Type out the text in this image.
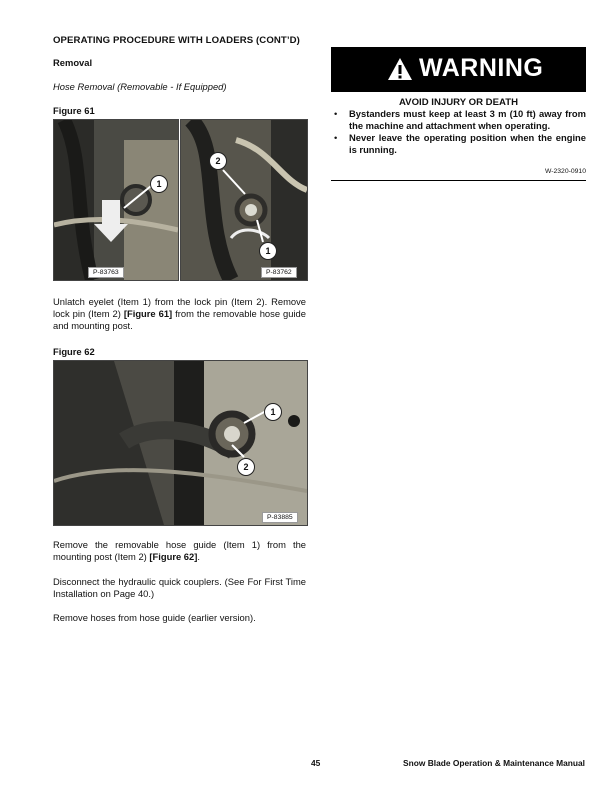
OPERATING PROCEDURE WITH LOADERS (CONT’D)
Removal
Hose Removal (Removable - If Equipped)
Figure 61
1
P-83763
2
1
P-83762
Unlatch eyelet (Item 1) from the lock pin (Item 2). Remove lock pin (Item 2) [Figure 61] from the removable hose guide and mounting post.
Figure 62
1
2
P-83885
Remove the removable hose guide (Item 1) from the mounting post (Item 2) [Figure 62].
Disconnect the hydraulic quick couplers. (See For First Time Installation on Page 40.)
Remove hoses from hose guide (earlier version).
WARNING
AVOID INJURY OR DEATH
• Bystanders must keep at least 3 m (10 ft) away from the machine and attachment when operating.
• Never leave the operating position when the engine is running.
W-2320-0910
45	Snow Blade Operation & Maintenance Manual
